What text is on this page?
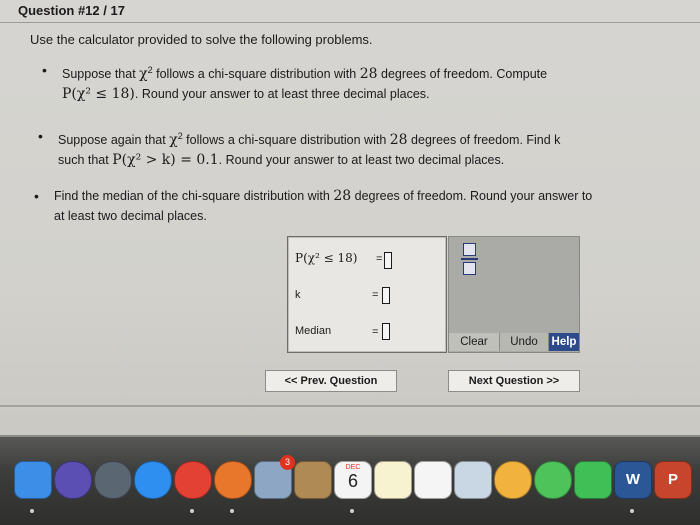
Question #12 / 17
Use the calculator provided to solve the following problems.
• Suppose that $\chi^2$ follows a chi-square distribution with 28 degrees of freedom. Compute
P(χ² ≤ 18). Round your answer to at least three decimal places.
• Suppose again that $\chi^2$ follows a chi-square distribution with 28 degrees of freedom. Find k
such that P(χ² > k) = 0.1. Round your answer to at least two decimal places.
• Find the median of the chi-square distribution with 28 degrees of freedom. Round your answer to
at least two decimal places.
P(χ² ≤ 18) =
k	=
Median	=
Clear	Undo	Help
<< Prev. Question	Next Question >>
3
DEC
6	W	P
